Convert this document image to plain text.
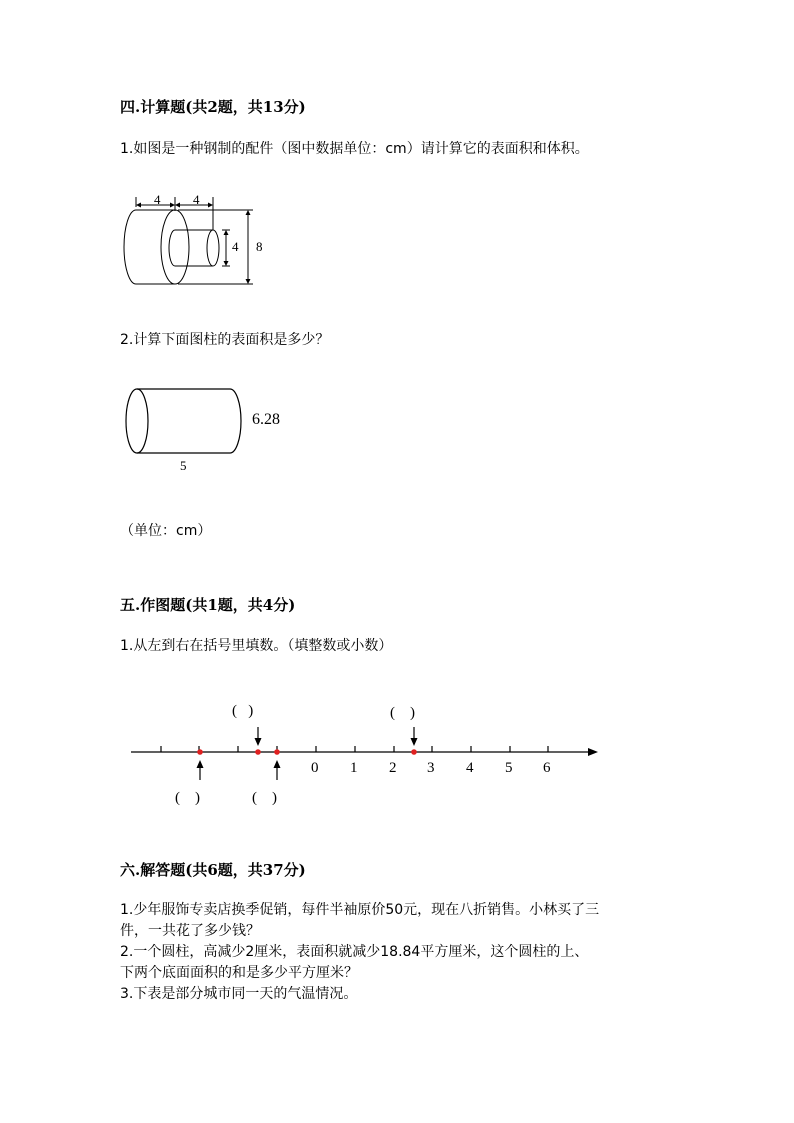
四.计算题(共2题，共13分)
1.如图是一种钢制的配件（图中数据单位：cm）请计算它的表面积和体积。
4	4
4 8
2.计算下面图柱的表面积是多少？
6.28
5
（单位：cm）
五.作图题(共1题，共4分)
1.从左到右在括号里填数。（填整数或小数）
0 1 2 3 4 5 6
(   )	(    )
(    )	(    )
六.解答题(共6题，共37分)
1.少年服饰专卖店换季促销，每件半袖原价50元，现在八折销售。小林买了三
件，一共花了多少钱？
2.一个圆柱，高减少2厘米，表面积就减少18.84平方厘米，这个圆柱的上、
下两个底面面积的和是多少平方厘米？
3.下表是部分城市同一天的气温情况。
